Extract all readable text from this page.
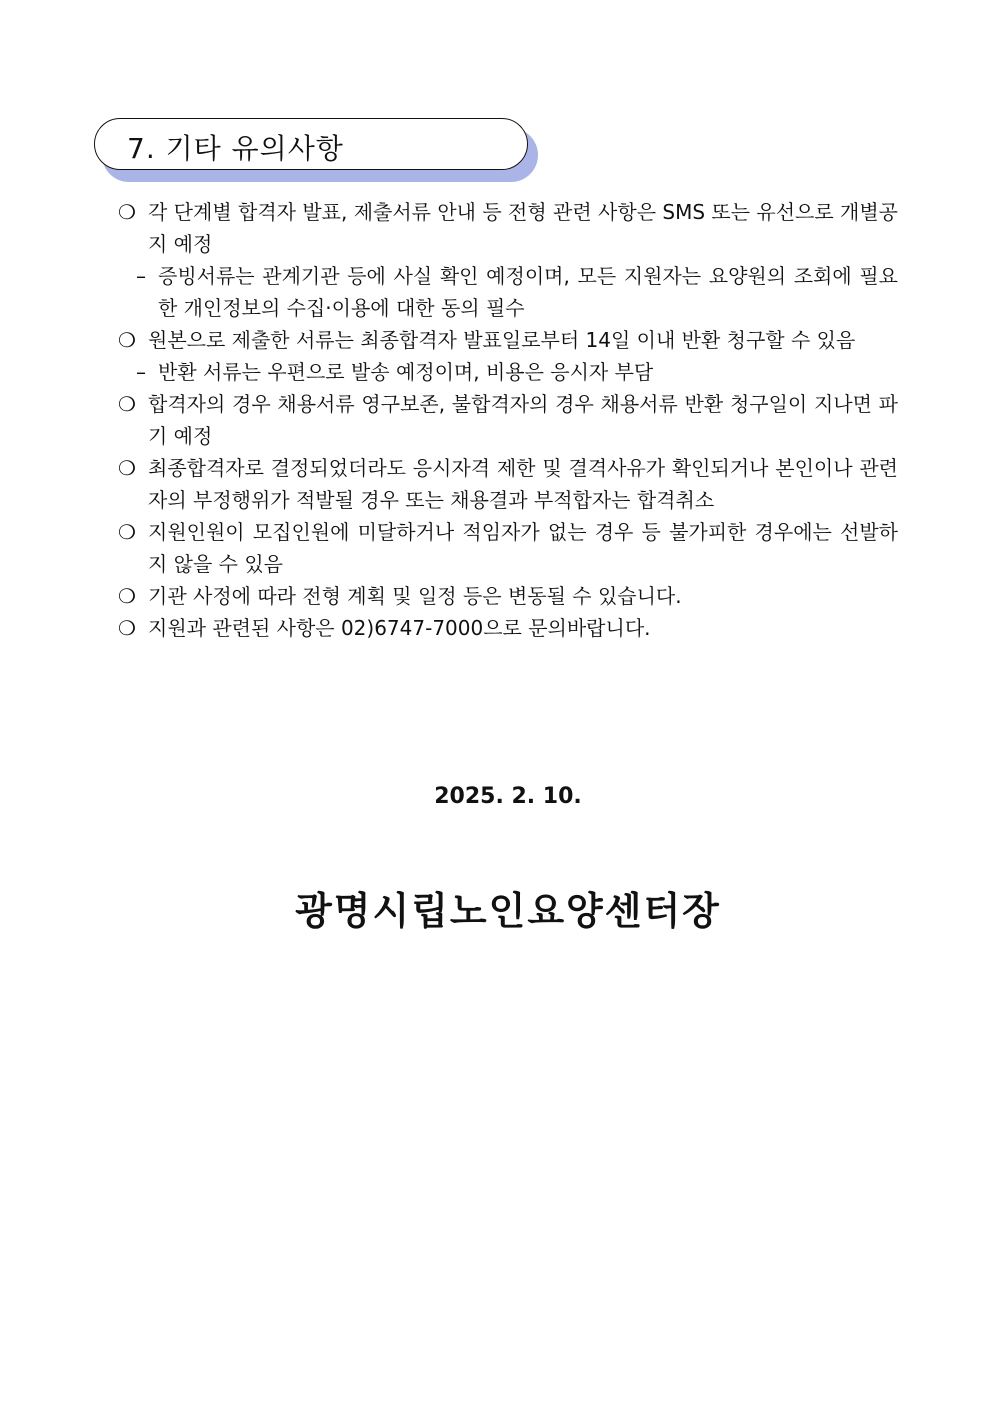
7. 기타 유의사항
❍ 각 단계별 합격자 발표, 제출서류 안내 등 전형 관련 사항은 SMS 또는 유선으로 개별공지 예정
– 증빙서류는 관계기관 등에 사실 확인 예정이며, 모든 지원자는 요양원의 조회에 필요한 개인정보의 수집·이용에 대한 동의 필수
❍ 원본으로 제출한 서류는 최종합격자 발표일로부터 14일 이내 반환 청구할 수 있음
– 반환 서류는 우편으로 발송 예정이며, 비용은 응시자 부담
❍ 합격자의 경우 채용서류 영구보존, 불합격자의 경우 채용서류 반환 청구일이 지나면 파기 예정
❍ 최종합격자로 결정되었더라도 응시자격 제한 및 결격사유가 확인되거나 본인이나 관련자의 부정행위가 적발될 경우 또는 채용결과 부적합자는 합격취소
❍ 지원인원이 모집인원에 미달하거나 적임자가 없는 경우 등 불가피한 경우에는 선발하지 않을 수 있음
❍ 기관 사정에 따라 전형 계획 및 일정 등은 변동될 수 있습니다.
❍ 지원과 관련된 사항은 02)6747-7000으로 문의바랍니다.
2025. 2. 10.
광명시립노인요양센터장
